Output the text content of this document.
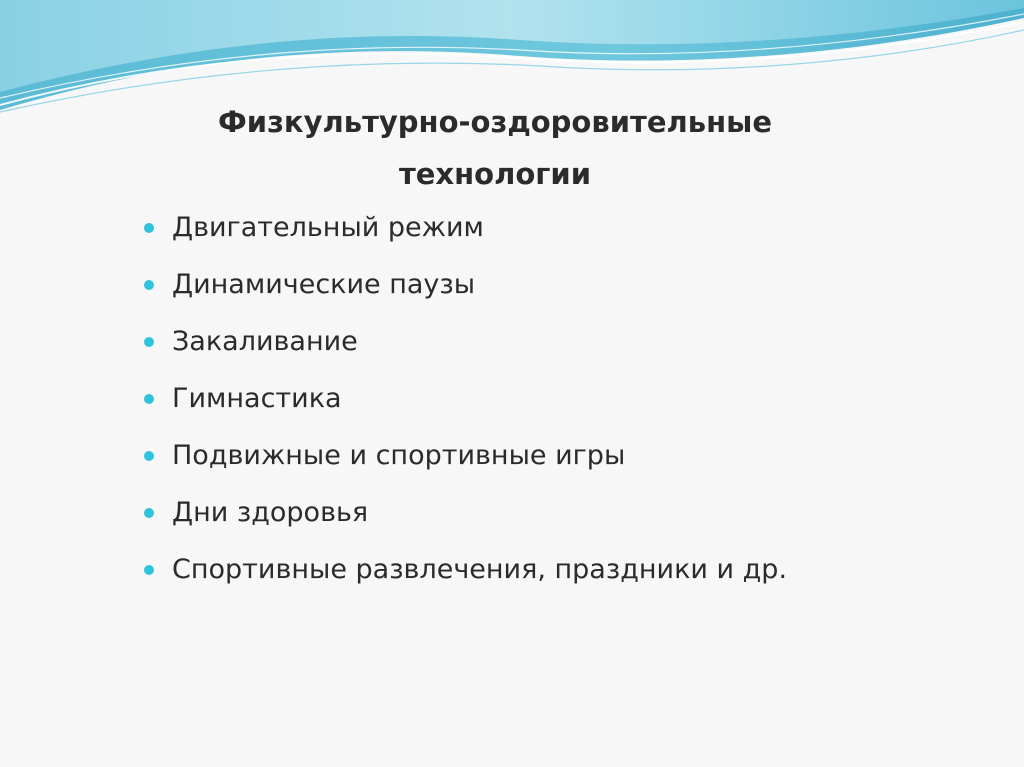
Физкультурно-оздоровительные
технологии
Двигательный режим
Динамические паузы
Закаливание
Гимнастика
Подвижные и спортивные игры
Дни здоровья
Спортивные развлечения, праздники и др.
